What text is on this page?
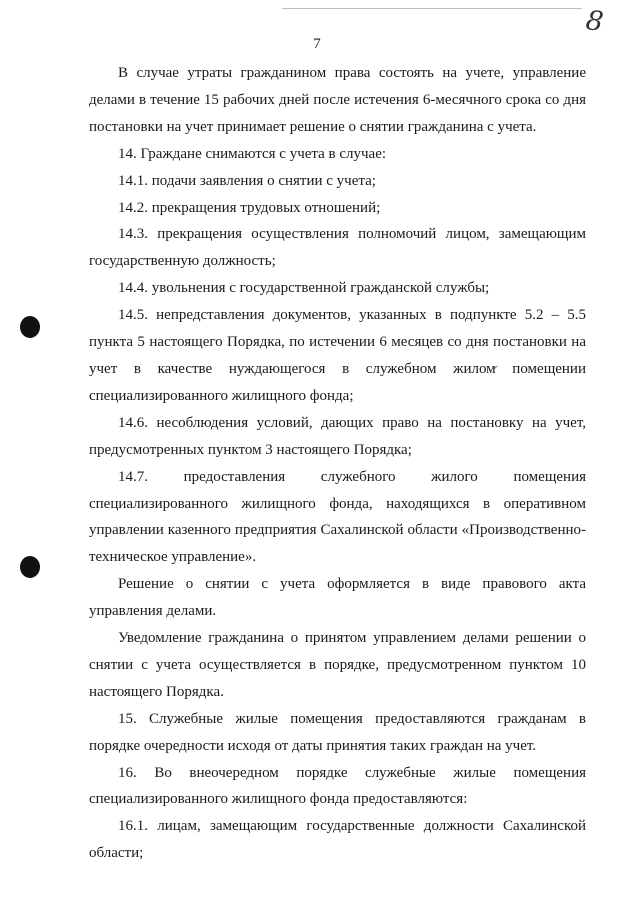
8
7

В случае утраты гражданином права состоять на учете, управление делами в течение 15 рабочих дней после истечения 6-месячного срока со дня постановки на учет принимает решение о снятии гражданина с учета.

14. Граждане снимаются с учета в случае:

14.1. подачи заявления о снятии с учета;

14.2. прекращения трудовых отношений;

14.3. прекращения осуществления полномочий лицом, замещающим государственную должность;

14.4. увольнения с государственной гражданской службы;

14.5. непредставления документов, указанных в подпункте 5.2 – 5.5 пункта 5 настоящего Порядка, по истечении 6 месяцев со дня постановки на учет в качестве нуждающегося в служебном жилом помещении специализированного жилищного фонда;

14.6. несоблюдения условий, дающих право на постановку на учет, предусмотренных пунктом 3 настоящего Порядка;

14.7. предоставления служебного жилого помещения специализированного жилищного фонда, находящихся в оперативном управлении казенного предприятия Сахалинской области «Производственно-техническое управление».

Решение о снятии с учета оформляется в виде правового акта управления делами.

Уведомление гражданина о принятом управлением делами решении о снятии с учета осуществляется в порядке, предусмотренном пунктом 10 настоящего Порядка.

15. Служебные жилые помещения предоставляются гражданам в порядке очередности исходя от даты принятия таких граждан на учет.

16. Во внеочередном порядке служебные жилые помещения специализированного жилищного фонда предоставляются:

16.1. лицам, замещающим государственные должности Сахалинской области;
